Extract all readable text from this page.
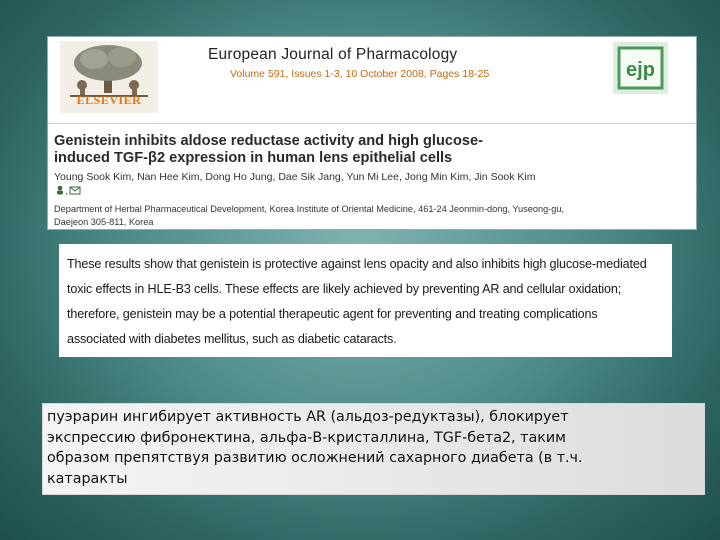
ELSEVIER
European Journal of Pharmacology
Volume 591, Issues 1-3, 10 October 2008, Pages 18-25	ejp
Genistein inhibits aldose reductase activity and high glucose-
induced TGF-β2 expression in human lens epithelial cells
Young Sook Kim, Nan Hee Kim, Dong Ho Jung, Dae Sik Jang, Yun Mi Lee, Jong Min Kim, Jin Sook Kim
,
Department of Herbal Pharmaceutical Development, Korea Institute of Oriental Medicine, 461-24 Jeonmin-dong, Yuseong-gu,
Daejeon 305-811, Korea

These results show that genistein is protective against lens opacity and also inhibits high glucose-mediated

toxic effects in HLE-B3 cells. These effects are likely achieved by preventing AR and cellular oxidation;

therefore, genistein may be a potential therapeutic agent for preventing and treating complications

associated with diabetes mellitus, such as diabetic cataracts.

пуэрарин ингибирует активность AR (альдоз-редуктазы), блокирует

экспрессию фибронектина, альфа-B-кристаллина, TGF-бета2, таким

образом препятствуя развитию осложнений сахарного диабета (в т.ч.

катаракты
